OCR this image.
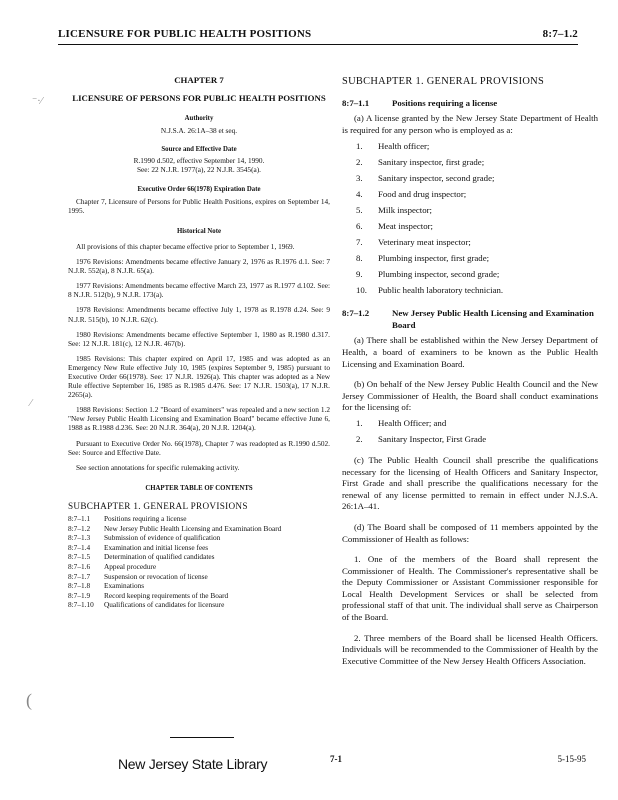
LICENSURE FOR PUBLIC HEALTH POSITIONS	8:7–1.2
CHAPTER 7
LICENSURE OF PERSONS FOR PUBLIC HEALTH POSITIONS
Authority
N.J.S.A. 26:1A–38 et seq.
Source and Effective Date
R.1990 d.502, effective September 14, 1990.
See: 22 N.J.R. 1977(a), 22 N.J.R. 3545(a).
Executive Order 66(1978) Expiration Date
Chapter 7, Licensure of Persons for Public Health Positions, expires on September 14, 1995.
Historical Note

All provisions of this chapter became effective prior to September 1, 1969.

1976 Revisions: Amendments became effective January 2, 1976 as R.1976 d.1. See: 7 N.J.R. 552(a), 8 N.J.R. 65(a).

1977 Revisions: Amendments became effective March 23, 1977 as R.1977 d.102. See: 8 N.J.R. 512(b), 9 N.J.R. 173(a).

1978 Revisions: Amendments became effective July 1, 1978 as R.1978 d.24. See: 9 N.J.R. 515(b), 10 N.J.R. 62(c).

1980 Revisions: Amendments became effective September 1, 1980 as R.1980 d.317. See: 12 N.J.R. 181(c), 12 N.J.R. 467(b).

1985 Revisions: This chapter expired on April 17, 1985 and was adopted as an Emergency New Rule effective July 10, 1985 (expires September 9, 1985) pursuant to Executive Order 66(1978). See: 17 N.J.R. 1926(a). This chapter was adopted as a New Rule effective September 16, 1985 as R.1985 d.476. See: 17 N.J.R. 1503(a), 17 N.J.R. 2265(a).

1988 Revisions: Section 1.2 "Board of examiners" was repealed and a new section 1.2 "New Jersey Public Health Licensing and Examination Board" became effective June 6, 1988 as R.1988 d.236. See: 20 N.J.R. 364(a), 20 N.J.R. 1204(a).

Pursuant to Executive Order No. 66(1978), Chapter 7 was readopted as R.1990 d.502. See: Source and Effective Date.

See section annotations for specific rulemaking activity.

CHAPTER TABLE OF CONTENTS
SUBCHAPTER 1. GENERAL PROVISIONS
8:7–1.1	Positions requiring a license
8:7–1.2	New Jersey Public Health Licensing and Examination Board
8:7–1.3	Submission of evidence of qualification
8:7–1.4	Examination and initial license fees
8:7–1.5	Determination of qualified candidates
8:7–1.6	Appeal procedure
8:7–1.7	Suspension or revocation of license
8:7–1.8	Examinations
8:7–1.9	Record keeping requirements of the Board
8:7–1.10	Qualifications of candidates for licensure
SUBCHAPTER 1. GENERAL PROVISIONS
8:7–1.1	Positions requiring a license

(a) A license granted by the New Jersey State Department of Health is required for any person who is employed as a:

1.	Health officer;
2.	Sanitary inspector, first grade;
3.	Sanitary inspector, second grade;
4.	Food and drug inspector;
5.	Milk inspector;
6.	Meat inspector;
7.	Veterinary meat inspector;
8.	Plumbing inspector, first grade;
9.	Plumbing inspector, second grade;
10.	Public health laboratory technician.
8:7–1.2	New Jersey Public Health Licensing and Examination Board

(a) There shall be established within the New Jersey Department of Health, a board of examiners to be known as the Public Health Licensing and Examination Board.

(b) On behalf of the New Jersey Public Health Council and the New Jersey Commissioner of Health, the Board shall conduct examinations for the licensing of:

1.	Health Officer; and
2.	Sanitary Inspector, First Grade

(c) The Public Health Council shall prescribe the qualifications necessary for the licensing of Health Officers and Sanitary Inspector, First Grade and shall prescribe the qualifications necessary for the renewal of any license permitted to remain in effect under N.J.S.A. 26:1A–41.

(d) The Board shall be composed of 11 members appointed by the Commissioner of Health as follows:

1. One of the members of the Board shall represent the Commissioner of Health. The Commissioner's representative shall be the Deputy Commissioner or Assistant Commissioner responsible for Local Health Development Services or shall be selected from professional staff of that unit. The individual shall serve as Chairperson of the Board.

2. Three members of the Board shall be licensed Health Officers. Individuals will be recommended to the Commissioner of Health by the Executive Committee of the New Jersey Health Officers Association.

New Jersey State Library	7-1	5-15-95
⁻·⁄
⁄
(
